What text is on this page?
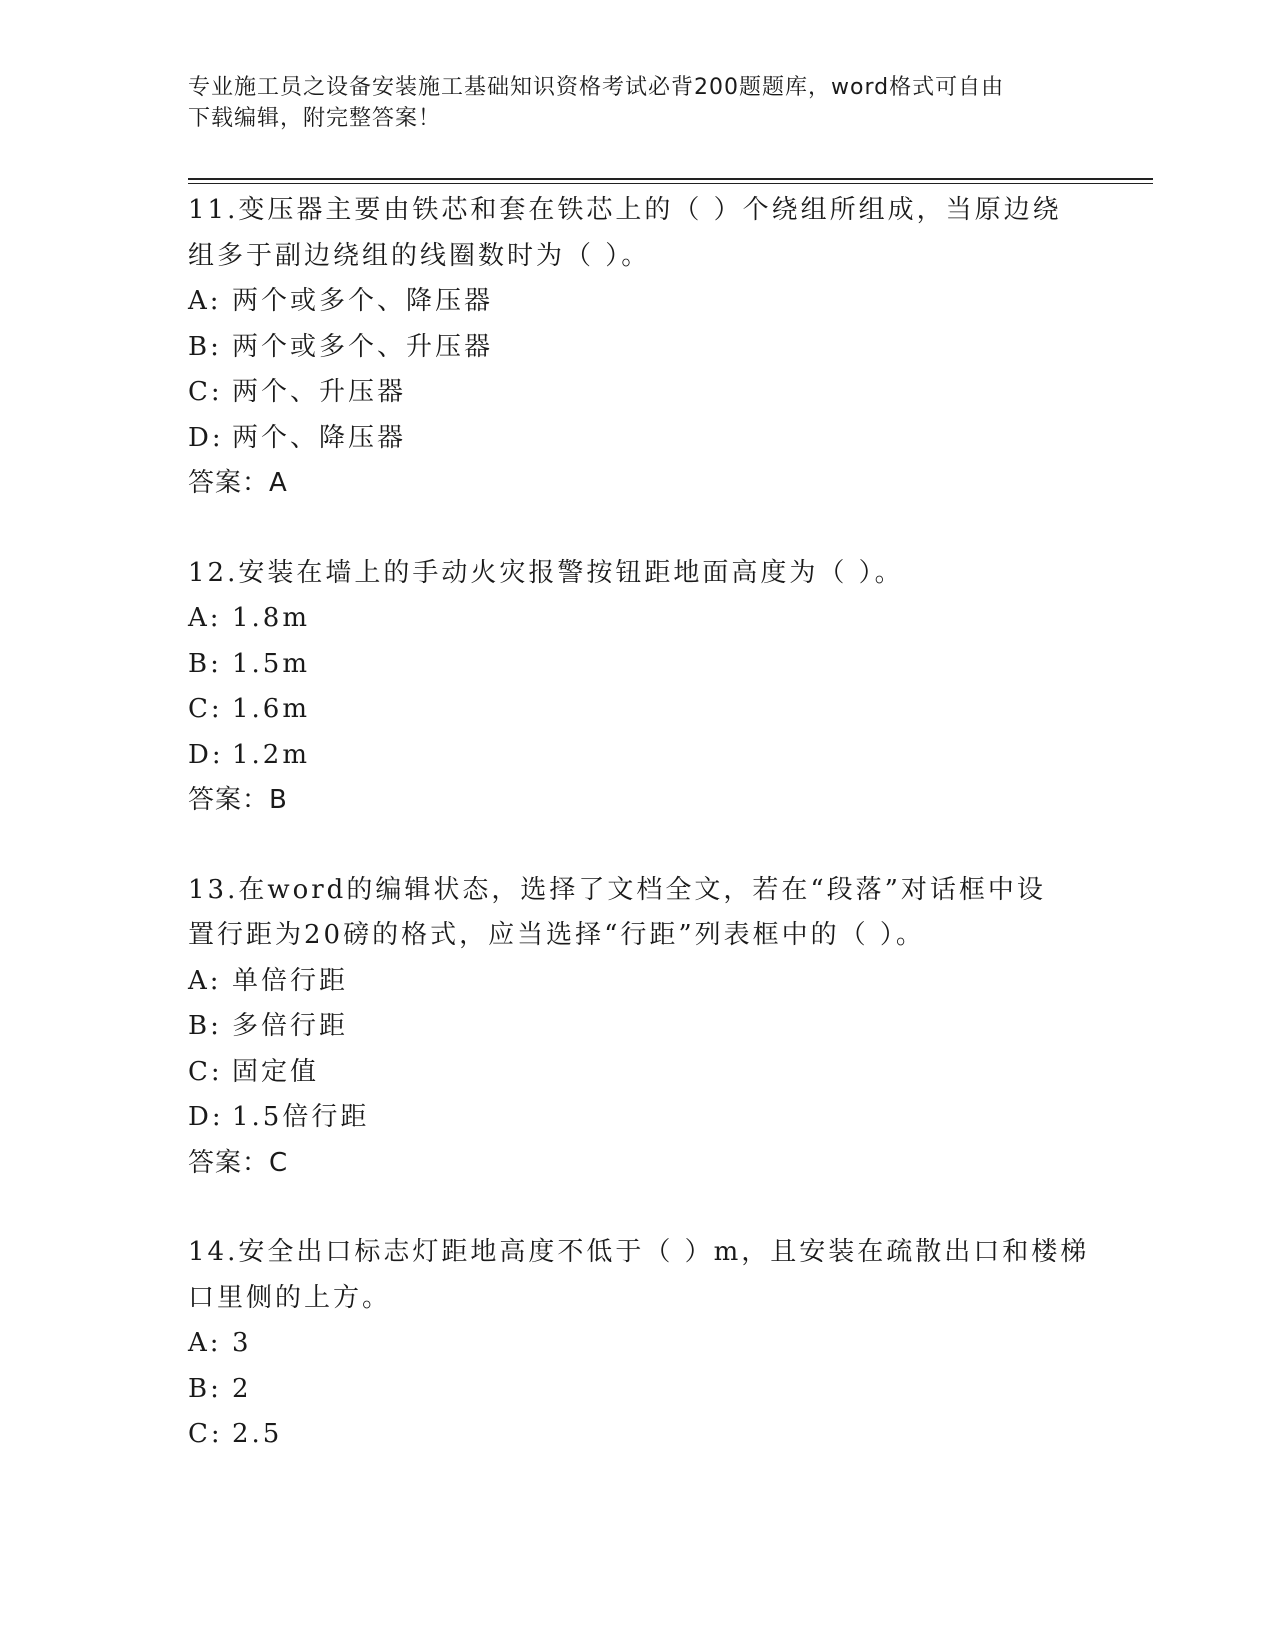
专业施工员之设备安装施工基础知识资格考试必背200题题库，word格式可自由
下载编辑，附完整答案！
11.变压器主要由铁芯和套在铁芯上的（ ）个绕组所组成，当原边绕
组多于副边绕组的线圈数时为（ ）。
A: 两个或多个、降压器
B: 两个或多个、升压器
C: 两个、升压器
D: 两个、降压器
答案：A
12.安装在墙上的手动火灾报警按钮距地面高度为（ ）。
A: 1.8m
B: 1.5m
C: 1.6m
D: 1.2m
答案：B
13.在word的编辑状态，选择了文档全文，若在“段落”对话框中设
置行距为20磅的格式，应当选择“行距”列表框中的（ ）。
A: 单倍行距
B: 多倍行距
C: 固定值
D: 1.5倍行距
答案：C
14.安全出口标志灯距地高度不低于（ ）m，且安装在疏散出口和楼梯
口里侧的上方。
A: 3
B: 2
C: 2.5
